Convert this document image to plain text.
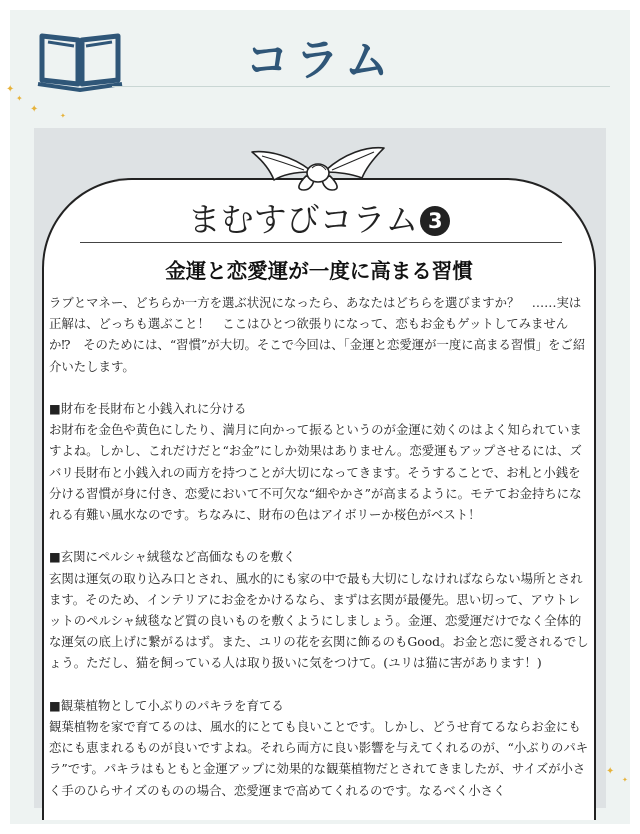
コラム
✦
✦
✦
✦
✦
✦
まむすびコラム 3
金運と恋愛運が一度に高まる習慣

ラブとマネー、どちらか一方を選ぶ状況になったら、あなたはどちらを選びますか？　……実は正解は、どっちも選ぶこと！　ここはひとつ欲張りになって、恋もお金もゲットしてみませんか⁉　そのためには、“習慣”が大切。そこで今回は、「金運と恋愛運が一度に高まる習慣」をご紹介いたします。

■財布を長財布と小銭入れに分ける

お財布を金色や黄色にしたり、満月に向かって振るというのが金運に効くのはよく知られていますよね。しかし、これだけだと“お金”にしか効果はありません。恋愛運もアップさせるには、ズバリ長財布と小銭入れの両方を持つことが大切になってきます。そうすることで、お札と小銭を分ける習慣が身に付き、恋愛において不可欠な“細やかさ”が高まるように。モテてお金持ちになれる有難い風水なのです。ちなみに、財布の色はアイボリーか桜色がベスト！

■玄関にペルシャ絨毯など高価なものを敷く

玄関は運気の取り込み口とされ、風水的にも家の中で最も大切にしなければならない場所とされます。そのため、インテリアにお金をかけるなら、まずは玄関が最優先。思い切って、アウトレットのペルシャ絨毯など質の良いものを敷くようにしましょう。金運、恋愛運だけでなく全体的な運気の底上げに繋がるはず。また、ユリの花を玄関に飾るのもGood。お金と恋に愛されるでしょう。ただし、猫を飼っている人は取り扱いに気をつけて。(ユリは猫に害があります！)

■観葉植物として小ぶりのパキラを育てる

観葉植物を家で育てるのは、風水的にとても良いことです。しかし、どうせ育てるならお金にも恋にも恵まれるものが良いですよね。それら両方に良い影響を与えてくれるのが、“小ぶりのパキラ”です。パキラはもともと金運アップに効果的な観葉植物だとされてきましたが、サイズが小さく手のひらサイズのものの場合、恋愛運まで高めてくれるのです。なるべく小さく
